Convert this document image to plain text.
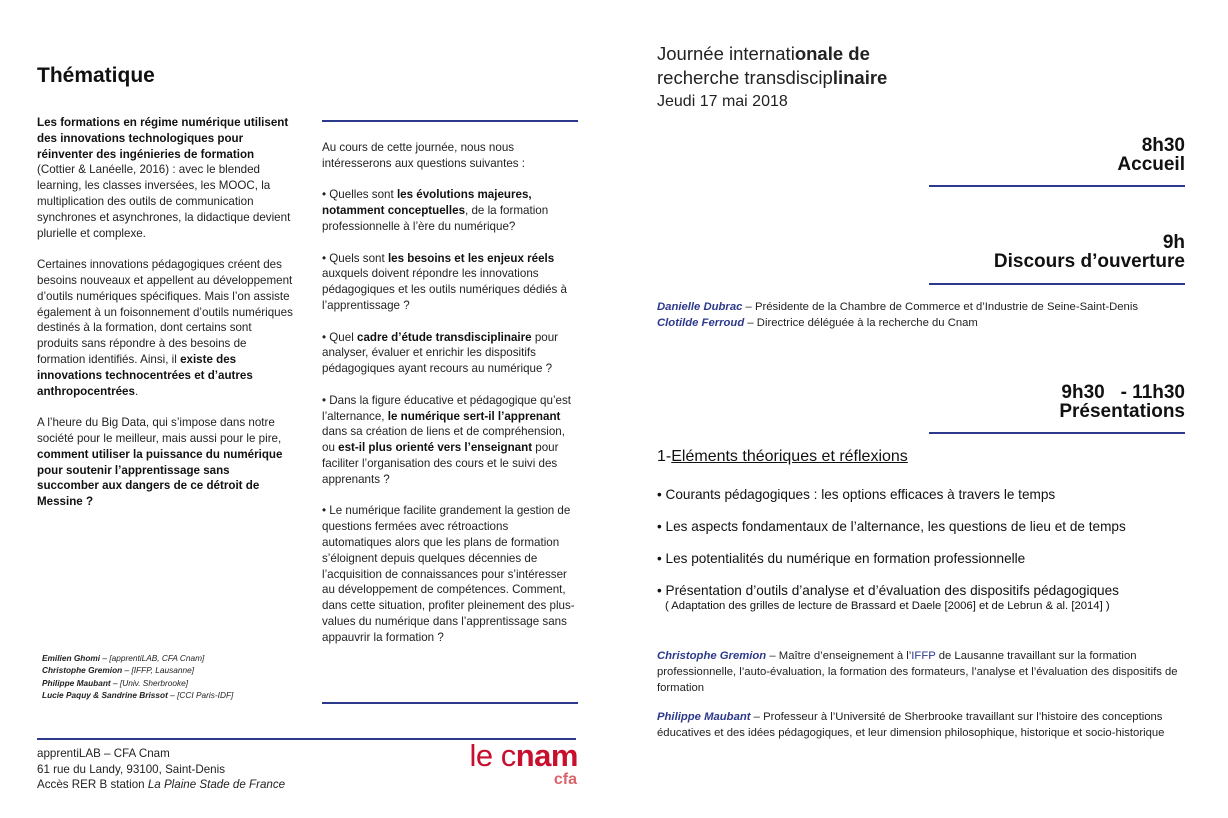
Thématique

Les formations en régime numérique utilisent des innovations technologiques pour réinventer des ingénieries de formation (Cottier & Lanéelle, 2016) : avec le blended learning, les classes inversées, les MOOC, la multiplication des outils de communication synchrones et asynchrones, la didactique devient plurielle et complexe.

Certaines innovations pédagogiques créent des besoins nouveaux et appellent au développement d’outils numériques spécifiques. Mais l’on assiste également à un foisonnement d’outils numériques destinés à la formation, dont certains sont produits sans répondre à des besoins de formation identifiés. Ainsi, il existe des innovations technocentrées et d’autres anthropocentrées.

A l’heure du Big Data, qui s’impose dans notre société pour le meilleur, mais aussi pour le pire, comment utiliser la puissance du numérique pour soutenir l’apprentissage sans succomber aux dangers de ce détroit de Messine ?

Emilien Ghomi – [apprentiLAB, CFA Cnam]
Christophe Gremion – [IFFP, Lausanne]
Philippe Maubant – [Univ. Sherbrooke]
Lucie Paquy & Sandrine Brissot – [CCI Paris-IDF]
apprentiLAB – CFA Cnam
61 rue du Landy, 93100, Saint-Denis
Accès RER B station La Plaine Stade de France
le cnam
cfa

Au cours de cette journée, nous nous intéresserons aux questions suivantes :

• Quelles sont les évolutions majeures, notamment conceptuelles, de la formation professionnelle à l’ère du numérique?

• Quels sont les besoins et les enjeux réels auxquels doivent répondre les innovations pédagogiques et les outils numériques dédiés à l’apprentissage ?

• Quel cadre d’étude transdisciplinaire pour analyser, évaluer et enrichir les dispositifs pédagogiques ayant recours au numérique ?

• Dans la figure éducative et pédagogique qu’est l’alternance, le numérique sert-il l’apprenant dans sa création de liens et de compréhension, ou est-il plus orienté vers l’enseignant pour faciliter l’organisation des cours et le suivi des apprenants ?

• Le numérique facilite grandement la gestion de questions fermées avec rétroactions automatiques alors que les plans de formation s’éloignent depuis quelques décennies de l’acquisition de connaissances pour s’intéresser au développement de compétences. Comment, dans cette situation, profiter pleinement des plus-values du numérique dans l’apprentissage sans appauvrir la formation ?

Journée internationale de
recherche transdisciplinaire
Jeudi 17 mai 2018
8h30
Accueil
9h
Discours d’ouverture
Danielle Dubrac – Présidente de la Chambre de Commerce et d’Industrie de Seine-Saint-Denis
Clotilde Ferroud – Directrice déléguée à la recherche du Cnam
9h30   - 11h30
Présentations
1-Eléments théoriques et réflexions
• Courants pédagogiques : les options efficaces à travers le temps
• Les aspects fondamentaux de l’alternance, les questions de lieu et de temps
• Les potentialités du numérique en formation professionnelle
• Présentation d’outils d’analyse et d’évaluation des dispositifs pédagogiques
( Adaptation des grilles de lecture de Brassard et Daele [2006] et de Lebrun & al. [2014] )
Christophe Gremion – Maître d’enseignement à l’IFFP de Lausanne travaillant sur la formation professionnelle, l’auto-évaluation, la formation des formateurs, l’analyse et l’évaluation des dispositifs de formation
Philippe Maubant – Professeur à l’Université de Sherbrooke travaillant sur l’histoire des conceptions éducatives et des idées pédagogiques, et leur dimension philosophique, historique et socio-historique
